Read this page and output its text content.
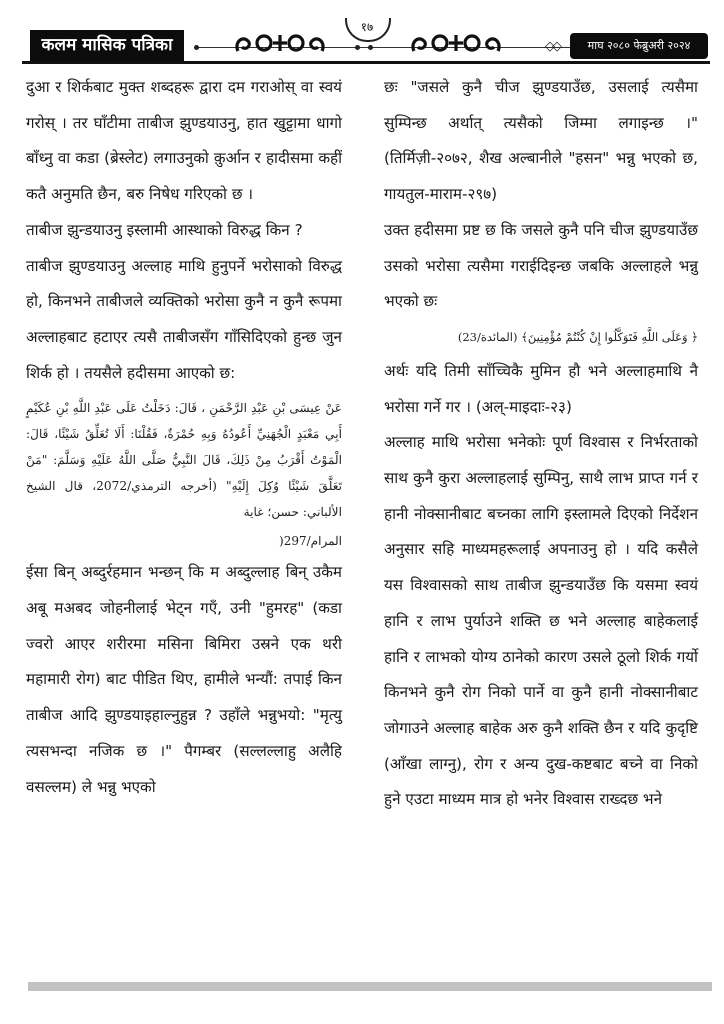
कलम मासिक पत्रिका
१७
◇◇	माघ २०८० फेब्रुअरी २०२४

दुआ र शिर्कबाट मुक्त शब्दहरू द्वारा दम गराओस् वा स्वयं गरोस् । तर घाँटीमा ताबीज झुण्डयाउनु, हात खुट्टामा धागो बाँध्नु वा कडा (ब्रेस्लेट) लगाउनुको क़ुर्आन र हादीसमा कहीं कतै अनुमति छैन, बरु निषेध गरिएको छ ।

ताबीज झुन्डयाउनु इस्लामी आस्थाको विरुद्ध किन ?

ताबीज झुण्डयाउनु अल्लाह माथि हुनुपर्ने भरोसाको विरुद्ध हो, किनभने ताबीजले व्यक्तिको भरोसा कुनै न कुनै रूपमा अल्लाहबाट हटाएर त्यसै ताबीजसँग गाँसिदिएको हुन्छ जुन शिर्क हो । तयसैले हदीसमा आएको छ:

عَنْ عِيسَى بْنِ عَبْدِ الرَّحْمَنِ ، قَالَ: دَخَلْتُ عَلَى عَبْدِ اللَّهِ بْنِ عُكَيْمٍ أَبِي مَعْبَدٍ الْجُهَنِيِّ أَعُودُهُ وَبِهِ حُمْرَةٌ، فَقُلْنَا: أَلَا تُعَلِّقُ شَيْئًا، قَالَ: الْمَوْتُ أَقْرَبُ مِنْ ذَلِكَ، قَالَ النَّبِيُّ صَلَّى اللَّهُ عَلَيْهِ وَسَلَّمَ: "مَنْ تَعَلَّقَ شَيْئًا وُكِلَ إِلَيْهِ" (أخرجه الترمذي/2072، قال الشيخ الألباني: حسن؛ غاية

المرام/297(

ईसा बिन् अब्दुर्रहमान भन्छन् कि म अब्दुल्लाह बिन् उकैम अबू मअबद जोहनीलाई भेट्न गएँ, उनी "हुमरह" (कडा ज्वरो आएर शरीरमा मसिना बिमिरा उस्रने एक थरी महामारी रोग) बाट पीडित थिए, हामीले भन्यौं: तपाई किन ताबीज आदि झुण्डयाइहाल्नुहुन्न ? उहाँले भन्नुभयो: "मृत्यु त्यसभन्दा नजिक छ ।" पैगम्बर (सल्लल्लाहु अलैहि वसल्लम) ले भन्नु भएको

छः "जसले कुनै चीज झुण्डयाउँछ, उसलाई त्यसैमा सुम्पिन्छ अर्थात् त्यसैको जिम्मा लगाइन्छ ।" (तिर्मिज़ी-२०७२, शैख अल्बानीले "हसन" भन्नु भएको छ, गायतुल-माराम-२९७)

उक्त हदीसमा प्रष्ट छ कि जसले कुनै पनि चीज झुण्डयाउँछ उसको भरोसा त्यसैमा गराईदिइन्छ जबकि अल्लाहले भन्नु भएको छः

﴿ وَعَلَى اللَّهِ فَتَوَكَّلُوا إِنْ كُنْتُمْ مُؤْمِنِينَ﴾ (المائدة/23)

अर्थः यदि तिमी साँच्चिकै मुमिन हौ भने अल्लाहमाथि नै भरोसा गर्ने गर । (अल्-माइदाः-२३)

अल्लाह माथि भरोसा भनेकोः पूर्ण विश्वास र निर्भरताको साथ कुनै कुरा अल्लाहलाई सुम्पिनु, साथै लाभ प्राप्त गर्न र हानी नोक्सानीबाट बच्नका लागि इस्लामले दिएको निर्देशन अनुसार सहि माध्यमहरूलाई अपनाउनु हो । यदि कसैले यस विश्वासको साथ ताबीज झुन्डयाउँछ कि यसमा स्वयं हानि र लाभ पुर्याउने शक्ति छ भने अल्लाह बाहेकलाई हानि र लाभको योग्य ठानेको कारण उसले ठूलो शिर्क गर्यो किनभने कुनै रोग निको पार्ने वा कुनै हानी नोक्सानीबाट जोगाउने अल्लाह बाहेक अरु कुनै शक्ति छैन र यदि कुदृष्टि (आँखा लाग्नु), रोग र अन्य दुख-कष्टबाट बच्ने वा निको हुने एउटा माध्यम मात्र हो भनेर विश्वास राख्दछ भने
